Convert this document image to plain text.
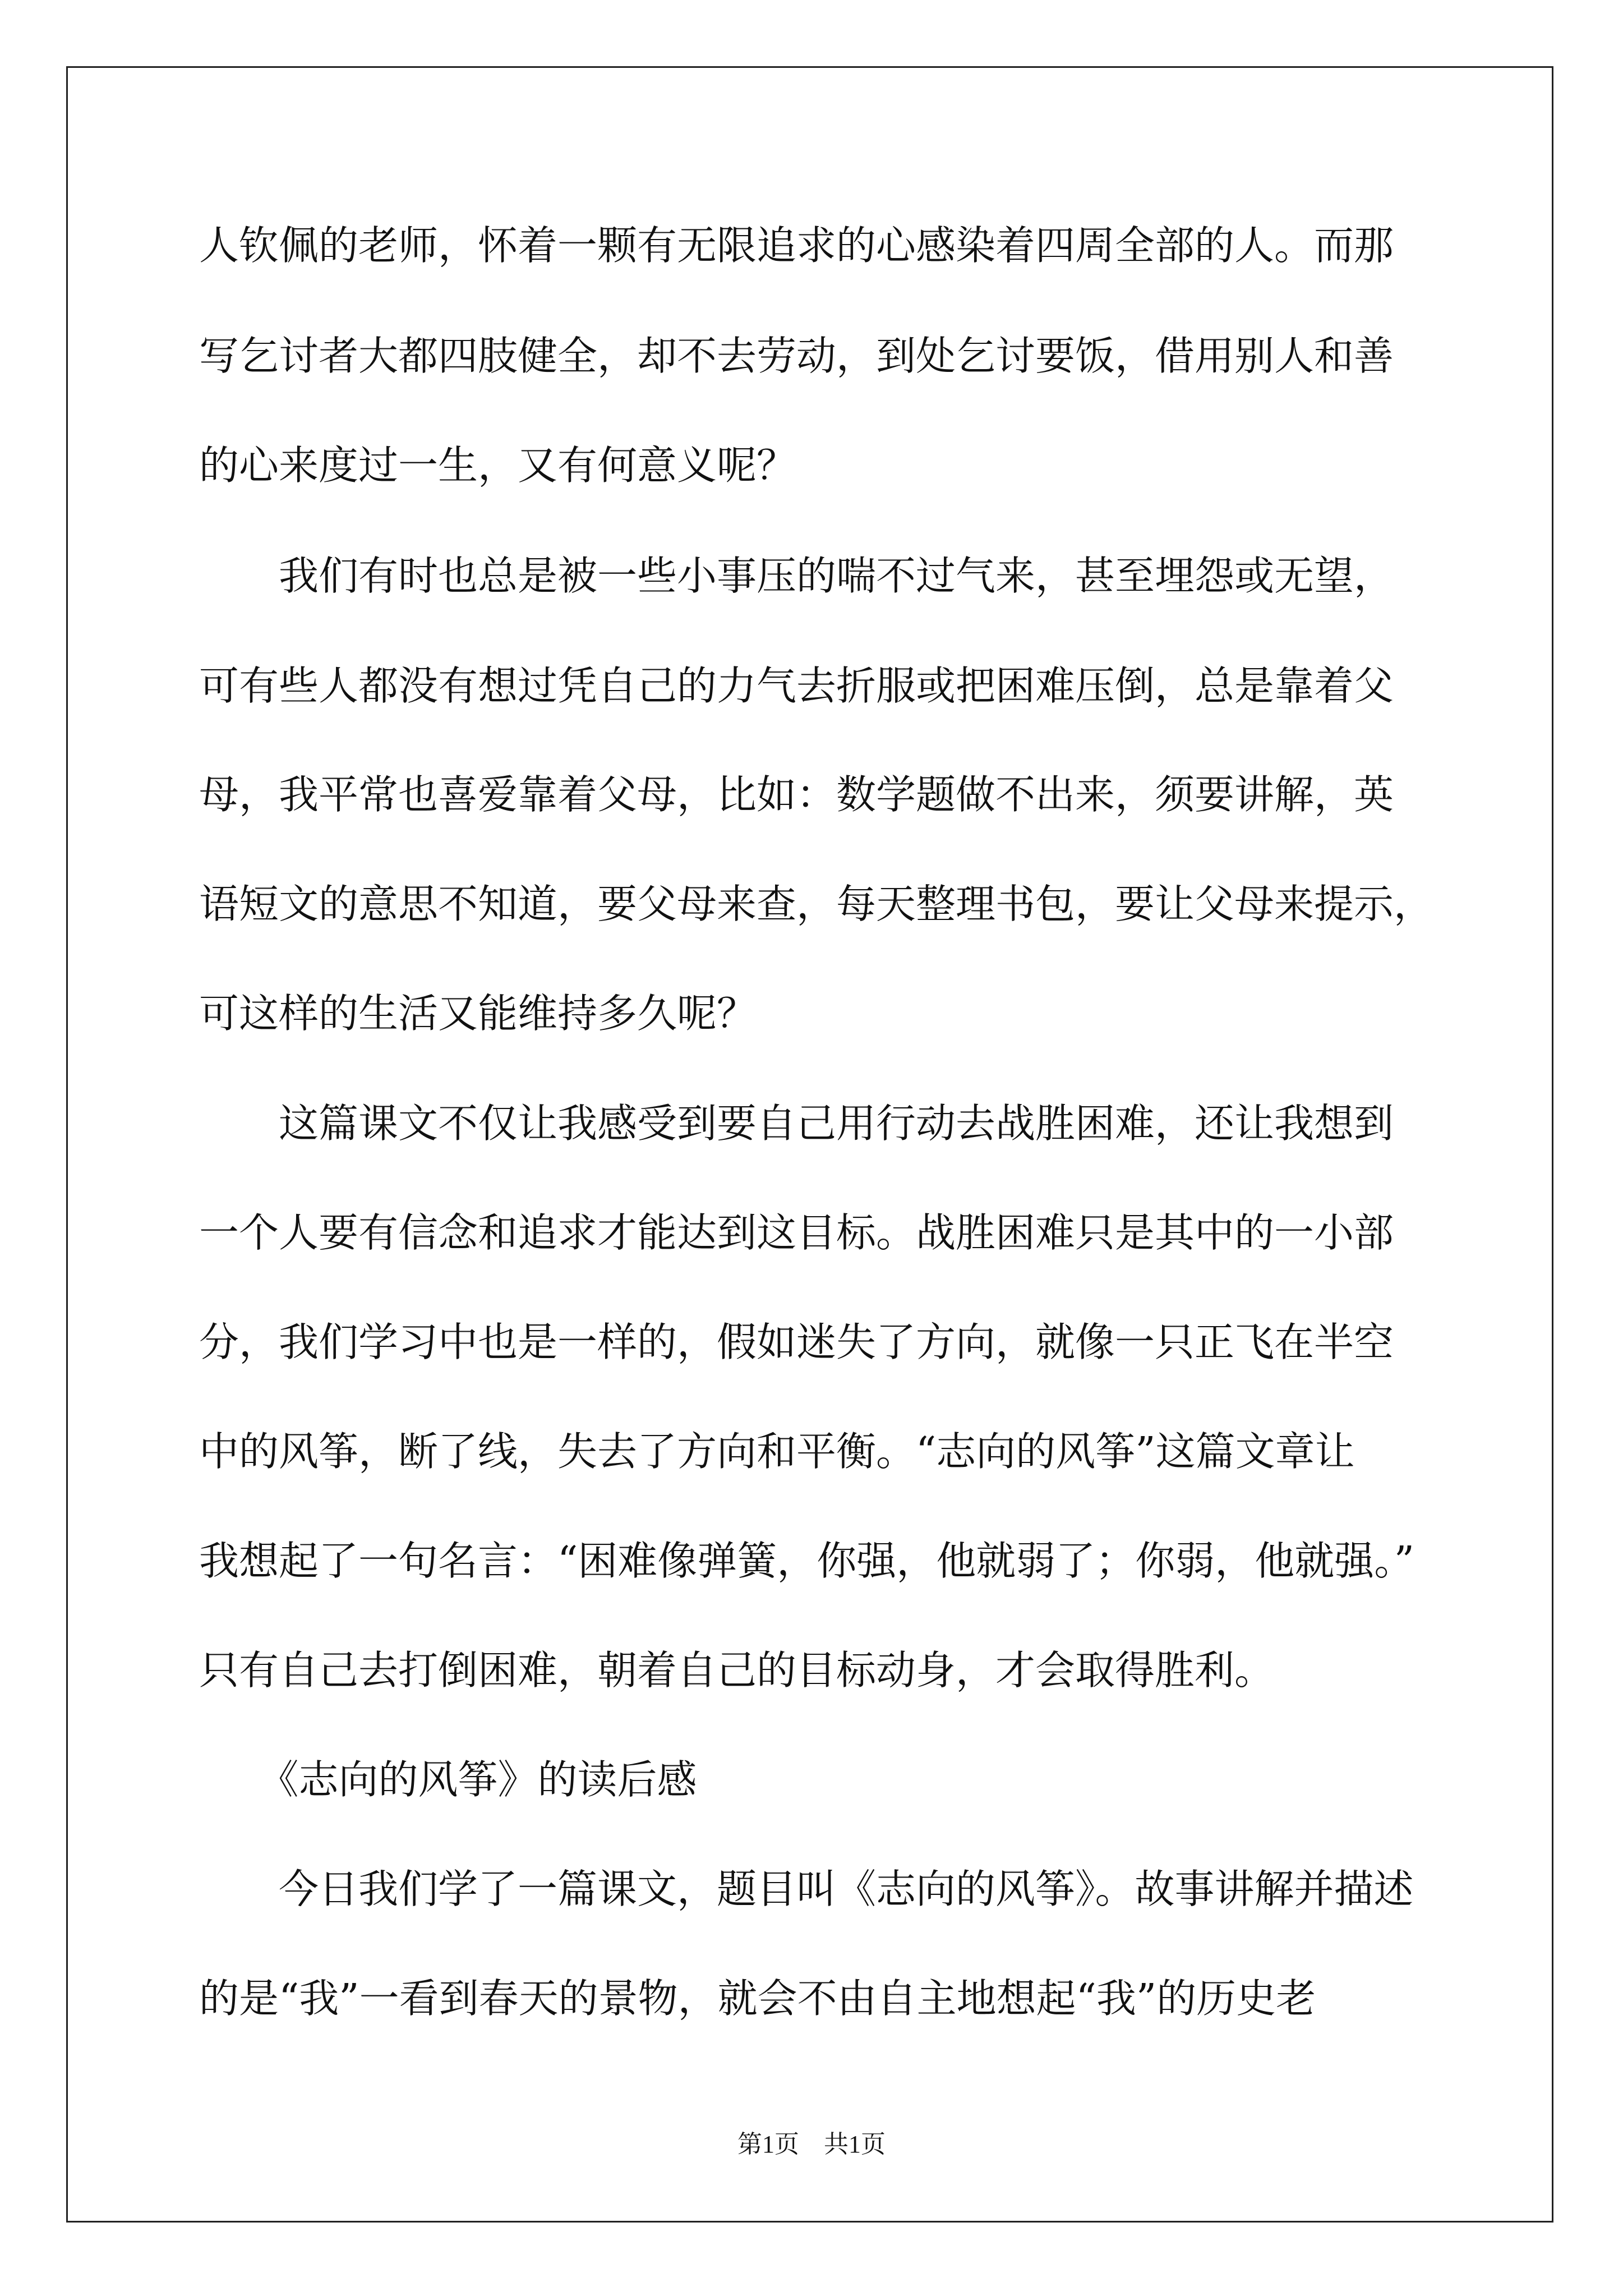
人钦佩的老师，怀着一颗有无限追求的心感染着四周全部的人。而那
写乞讨者大都四肢健全，却不去劳动，到处乞讨要饭，借用别人和善
的心来度过一生，又有何意义呢？
　　我们有时也总是被一些小事压的喘不过气来，甚至埋怨或无望，
可有些人都没有想过凭自己的力气去折服或把困难压倒，总是靠着父
母，我平常也喜爱靠着父母，比如：数学题做不出来，须要讲解，英
语短文的意思不知道，要父母来查，每天整理书包，要让父母来提示，
可这样的生活又能维持多久呢？
　　这篇课文不仅让我感受到要自己用行动去战胜困难，还让我想到
一个人要有信念和追求才能达到这目标。战胜困难只是其中的一小部
分，我们学习中也是一样的，假如迷失了方向，就像一只正飞在半空
中的风筝，断了线，失去了方向和平衡。“志向的风筝”这篇文章让
我想起了一句名言：“困难像弹簧，你强，他就弱了；你弱，他就强。”
只有自己去打倒困难，朝着自己的目标动身，才会取得胜利。
　　《志向的风筝》的读后感
　　今日我们学了一篇课文，题目叫《志向的风筝》。故事讲解并描述
的是“我”一看到春天的景物，就会不由自主地想起“我”的历史老
第1页　共1页
